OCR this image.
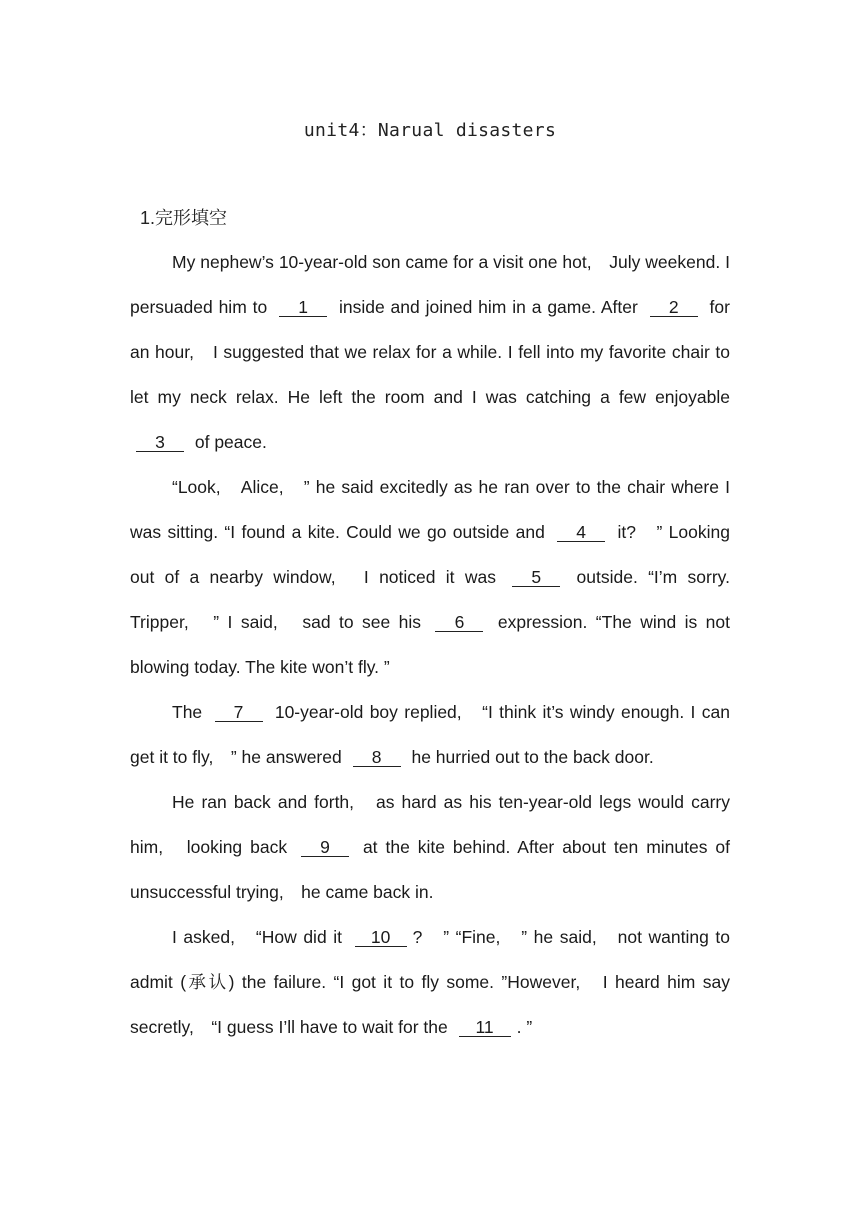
unit4：Narual disasters
1.完形填空

My nephew’s 10-year-old son came for a visit one hot,　July weekend. I persuaded him to 1 inside and joined him in a game. After 2 for an hour,　I suggested that we relax for a while. I fell into my favorite chair to let my neck relax. He left the room and I was catching a few enjoyable 3 of peace.

“Look,　Alice,　” he said excitedly as he ran over to the chair where I was sitting. “I found a kite. Could we go outside and 4 it?　” Looking out of a nearby window,　I noticed it was 5 outside. “I’m sorry. Tripper,　” I said,　sad to see his 6 expression. “The wind is not blowing today. The kite won’t fly. ”

The 7 10-year-old boy replied,　“I think it’s windy enough. I can get it to fly,　” he answered 8 he hurried out to the back door.

He ran back and forth,　as hard as his ten-year-old legs would carry him,　looking back 9 at the kite behind. After about ten minutes of unsuccessful trying,　he came back in.

I asked,　“How did it 10 ?　” “Fine,　” he said,　not wanting to admit (承认) the failure. “I got it to fly some. ”However,　I heard him say secretly,　“I guess I’ll have to wait for the 11 . ”
